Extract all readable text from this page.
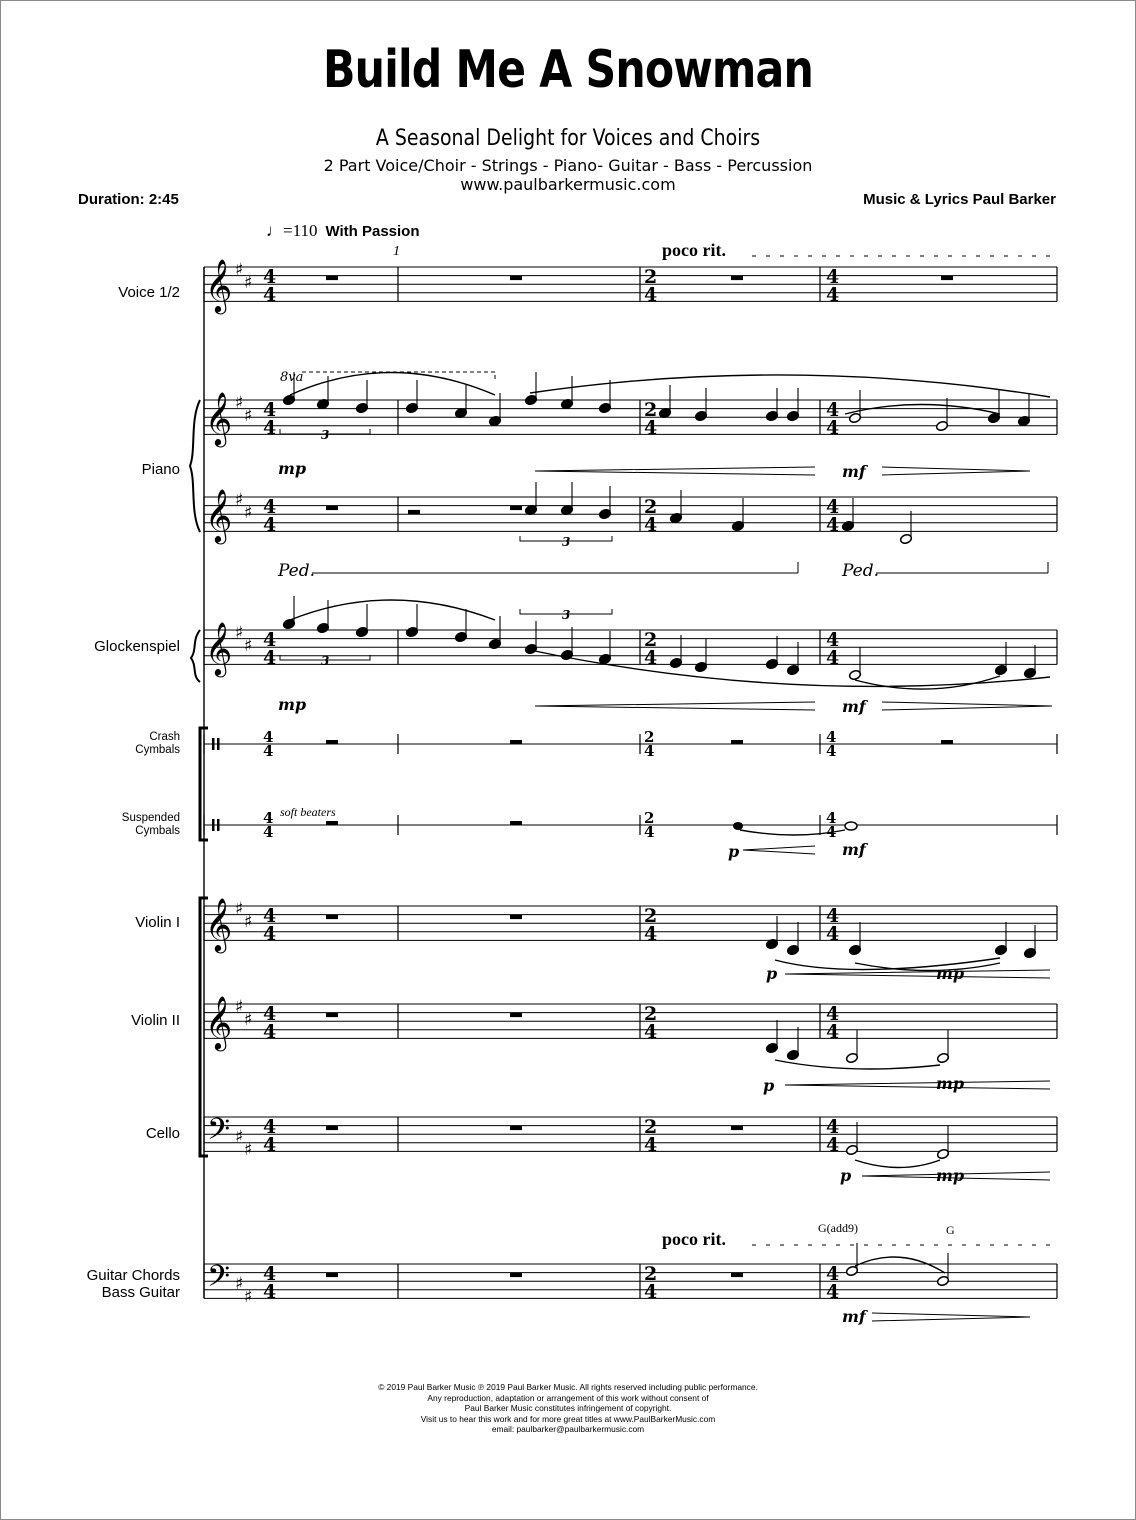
Build Me A Snowman
A Seasonal Delight for Voices and Choirs
2 Part Voice/Choir - Strings - Piano- Guitar - Bass - Percussion
www.paulbarkermusic.com
Duration: 2:45	Music & Lyrics Paul Barker
♩=110 With Passion
1	poco rit.
poco rit.
Voice 1/2
Piano
Glockenspiel
Crash
Cymbals
Suspended
Cymbals
Violin I
Violin II
Cello
Guitar Chords
Bass Guitar
mp	mf
mp	mf
p	mf
p	mp
p	mp
p	mp
mf
soft beaters
G(add9)	G
𝄞 ♯
♯ 4
4
2
4
4
4
𝄞 ♯
♯ 4
4
2
4
4
4
𝄞 ♯
♯ 4
4
2
4
4
4
𝄞 ♯
♯ 4
4
2
4
4
4
4
4
2
4
4
4
4
4
2
4
4
4
𝄞 ♯
♯ 4
4
2
4
4
4
𝄞 ♯
♯ 4
4
2
4
4
4
𝄢 ♯
♯
4
4
2
4
4
4
𝄢 ♯
♯
4
4
2
4
4
4
3
3
3
3
8va
Ped.	Ped.
© 2019 Paul Barker Music ℗ 2019 Paul Barker Music. All rights reserved including public performance.
Any reproduction, adaptation or arrangement of this work without consent of
Paul Barker Music constitutes infringement of copyright.
Visit us to hear this work and for more great titles at www.PaulBarkerMusic.com
email: paulbarker@paulbarkermusic.com
